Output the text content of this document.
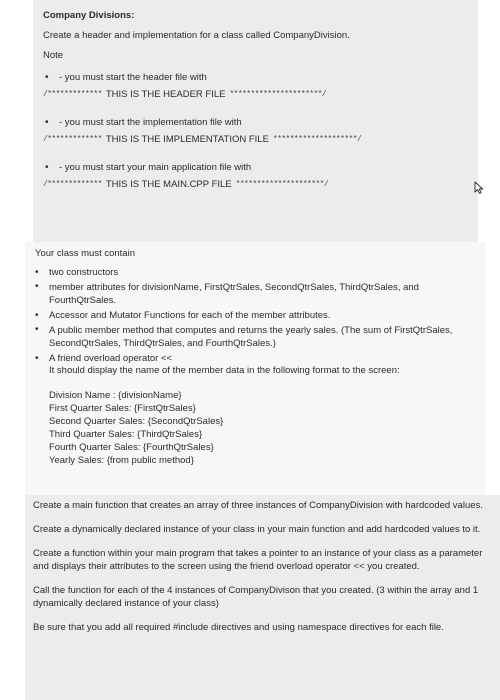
Company Divisions:
Create a header and implementation for a class called CompanyDivision.
Note
•	- you must start the header file with
/************* THIS IS THE HEADER FILE **********************/
•	- you must start the implementation file with
/************* THIS IS THE IMPLEMENTATION FILE ********************/
•	- you must start your main application file with
/************* THIS IS THE MAIN.CPP FILE *********************/
Your class must contain
•	two constructors
•	member attributes for divisionName, FirstQtrSales, SecondQtrSales, ThirdQtrSales, and FourthQtrSales.
•	Accessor and Mutator Functions for each of the member attributes.
•	A public member method that computes and returns the yearly sales. (The sum of FirstQtrSales, SecondQtrSales, ThirdQtrSales, and FourthQtrSales.)
•	A friend overload operator <<
It should display the name of the member data in the following format to the screen:
Division Name : {divisionName}
First Quarter Sales: {FirstQtrSales}
Second Quarter Sales: {SecondQtrSales}
Third Quarter Sales: {ThirdQtrSales}
Fourth Quarter Sales: {FourthQtrSales}
Yearly Sales: {from public method}
Create a main function that creates an array of three instances of CompanyDivision with hardcoded values.
Create a dynamically declared instance of your class in your main function and add hardcoded values to it.
Create a function within your main program that takes a pointer to an instance of your class as a parameter and displays their attributes to the screen using the friend overload operator << you created.
Call the function for each of the 4 instances of CompanyDivison that you created. (3 within the array and 1 dynamically declared instance of your class)
Be sure that you add all required #include directives and using namespace directives for each file.
